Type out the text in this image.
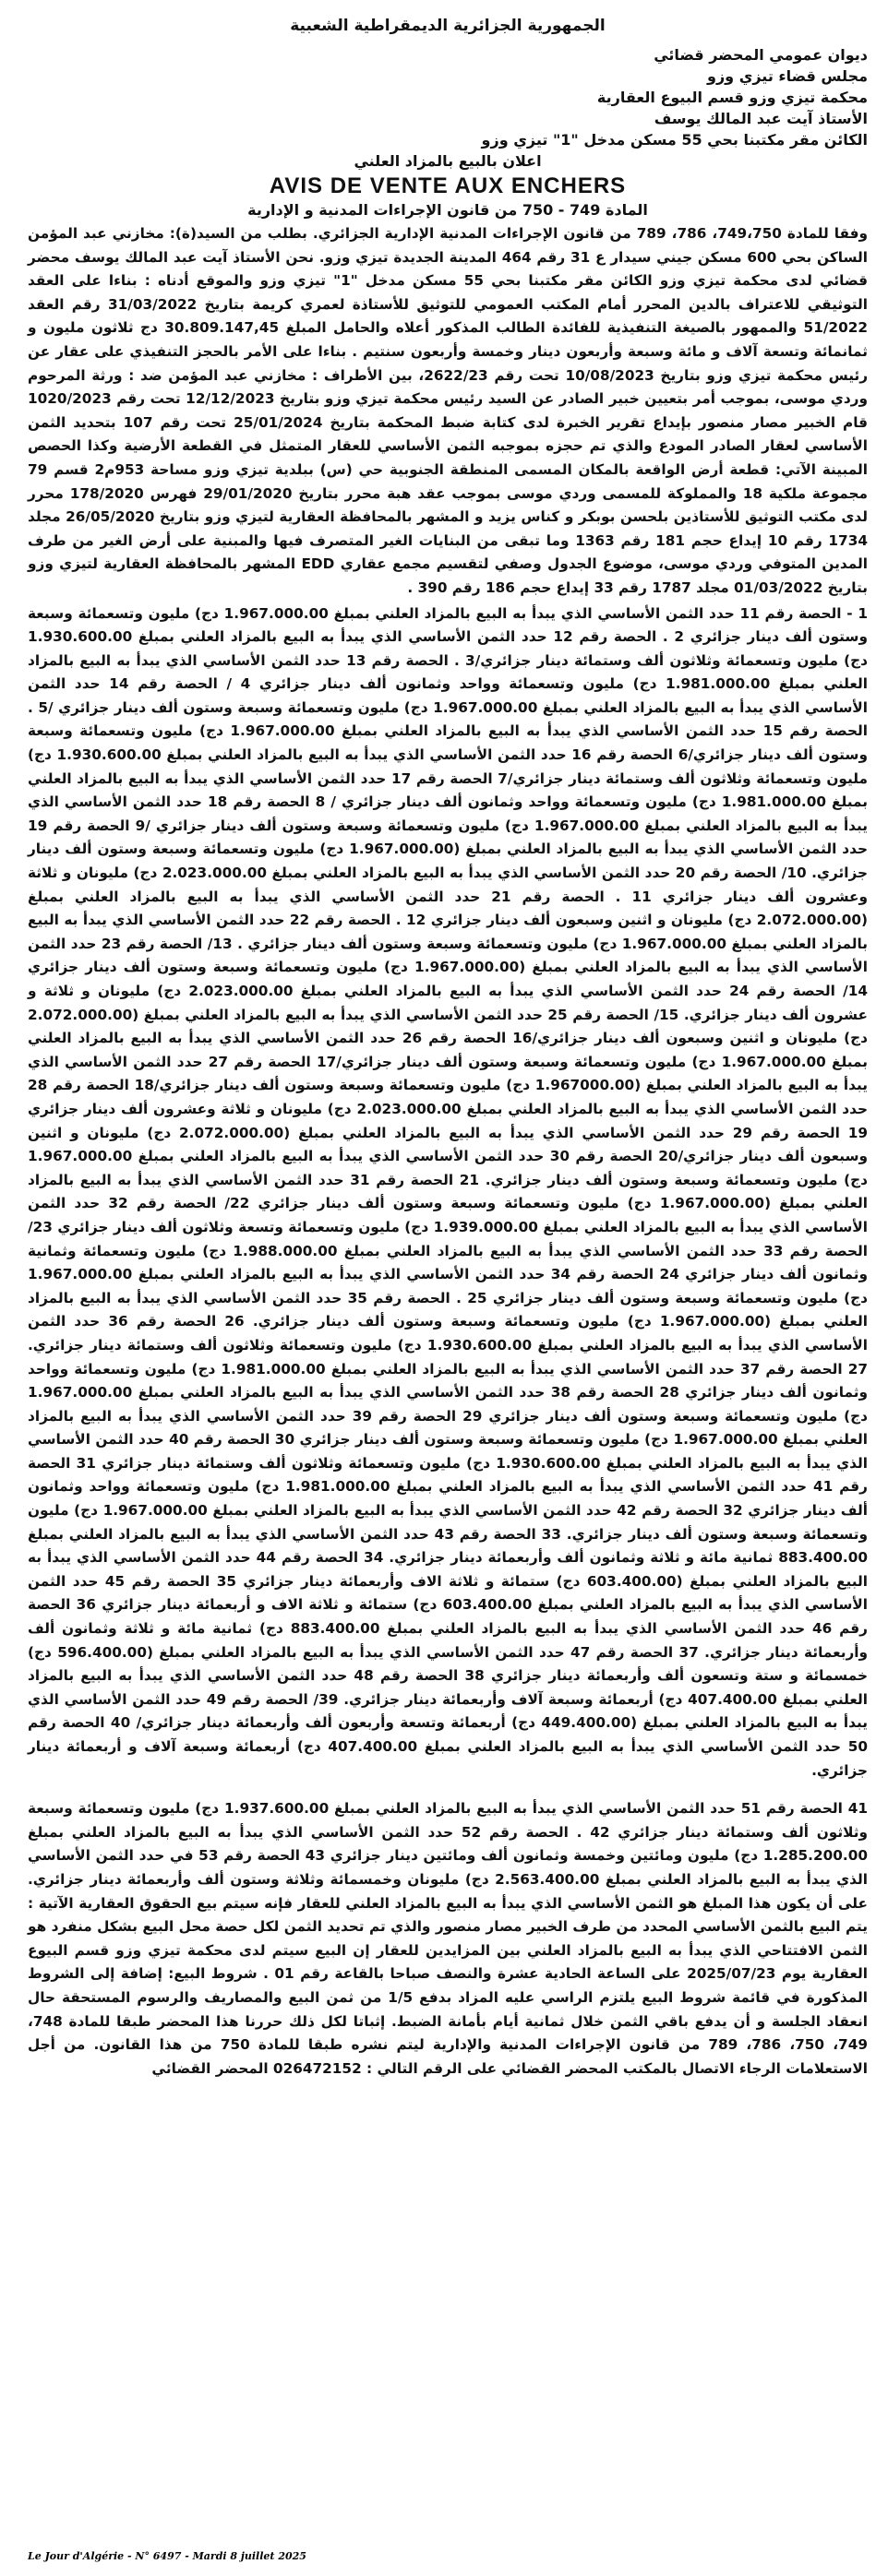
الجمهورية الجزائرية الديمقراطية الشعبية
ديوان عمومي المحضر قضائي
مجلس قضاء تيزي وزو
محكمة تيزي وزو قسم البيوع العقارية
الأستاذ آيت عبد المالك يوسف
الكائن مقر مكتبنا بحي 55 مسكن مدخل "1" تيزي وزو
اعلان بالبيع بالمزاد العلني
AVIS DE VENTE AUX ENCHERS
المادة 749 - 750 من قانون الإجراءات المدنية و الإدارية
وفقا للمادة 749،750، 786، 789 من قانون الإجراءات المدنية الإدارية الجزائري. بطلب من السيد(ة): مخازني عبد المؤمن الساكن بحي 600 مسكن جيني سيدار ع 31 رقم 464 المدينة الجديدة تيزي وزو. نحن الأستاذ آيت عبد المالك يوسف محضر قضائي لدى محكمة تيزي وزو الكائن مقر مكتبنا بحي 55 مسكن مدخل "1" تيزي وزو والموقع أدناه : بناءا على العقد التوثيقي للاعتراف بالدين المحرر أمام المكتب العمومي للتوثيق للأستاذة لعمري كريمة بتاريخ 31/03/2022 رقم العقد 51/2022 والممهور بالصيغة التنفيذية للفائدة الطالب المذكور أعلاه والحامل المبلغ 30.809.147,45 دج ثلاثون مليون و ثمانمائة وتسعة آلاف و مائة وسبعة وأربعون دينار وخمسة وأربعون سنتيم . بناءا على الأمر بالحجز التنفيذي على عقار عن رئيس محكمة تيزي وزو بتاريخ 10/08/2023 تحت رقم 2622/23، بين الأطراف : مخازني عبد المؤمن ضد : ورثة المرحوم وردي موسى، بموجب أمر بتعيين خبير الصادر عن السيد رئيس محكمة تيزي وزو بتاريخ 12/12/2023 تحت رقم 1020/2023 قام الخبير مصار منصور بإيداع تقرير الخبرة لدى كتابة ضبط المحكمة بتاريخ 25/01/2024 تحت رقم 107 بتحديد الثمن الأساسي لعقار الصادر المودع والذي تم حجزه بموجبه الثمن الأساسي للعقار المتمثل في القطعة الأرضية وكذا الحصص المبينة الآتي: قطعة أرض الواقعة بالمكان المسمى المنطقة الجنوبية حي (س) ببلدية تيزي وزو مساحة 953م2 قسم 79 مجموعة ملكية 18 والمملوكة للمسمى وردي موسى بموجب عقد هبة محرر بتاريخ 29/01/2020 فهرس 178/2020 محرر لدى مكتب التوثيق للأستاذين بلحسن بوبكر و كناس يزيد و المشهر بالمحافظة العقارية لتيزي وزو بتاريخ 26/05/2020 مجلد 1734 رقم 10 إيداع حجم 181 رقم 1363 وما تبقى من البنايات الغير المتصرف فيها والمبنية على أرض الغير من طرف المدين المتوفي وردي موسى، موضوع الجدول وصفي لتقسيم مجمع عقاري EDD المشهر بالمحافظة العقارية لتيزي وزو بتاريخ 01/03/2022 مجلد 1787 رقم 33 إيداع حجم 186 رقم 390 .
1 - الحصة رقم 11 حدد الثمن الأساسي الذي يبدأ به البيع بالمزاد العلني بمبلغ 1.967.000.00 دج) مليون وتسعمائة وسبعة وستون ألف دينار جزائري 2 . الحصة رقم 12 حدد الثمن الأساسي الذي يبدأ به البيع بالمزاد العلني بمبلغ 1.930.600.00 دج) مليون وتسعمائة وثلاثون ألف وستمائة دينار جزائري/3 . الحصة رقم 13 حدد الثمن الأساسي الذي يبدأ به البيع بالمزاد العلني بمبلغ 1.981.000.00 دج) مليون وتسعمائة وواحد وثمانون ألف دينار جزائري 4 / الحصة رقم 14 حدد الثمن الأساسي الذي يبدأ به البيع بالمزاد العلني بمبلغ 1.967.000.00 دج) مليون وتسعمائة وسبعة وستون ألف دينار جزائري /5 . الحصة رقم 15 حدد الثمن الأساسي الذي يبدأ به البيع بالمزاد العلني بمبلغ 1.967.000.00 دج) مليون وتسعمائة وسبعة وستون ألف دينار جزائري/6 الحصة رقم 16 حدد الثمن الأساسي الذي يبدأ به البيع بالمزاد العلني بمبلغ 1.930.600.00 دج) مليون وتسعمائة وثلاثون ألف وستمائة دينار جزائري/7 الحصة رقم 17 حدد الثمن الأساسي الذي يبدأ به البيع بالمزاد العلني بمبلغ 1.981.000.00 دج) مليون وتسعمائة وواحد وثمانون ألف دينار جزائري / 8 الحصة رقم 18 حدد الثمن الأساسي الذي يبدأ به البيع بالمزاد العلني بمبلغ 1.967.000.00 دج) مليون وتسعمائة وسبعة وستون ألف دينار جزائري /9 الحصة رقم 19 حدد الثمن الأساسي الذي يبدأ به البيع بالمزاد العلني بمبلغ (1.967.000.00 دج) مليون وتسعمائة وسبعة وستون ألف دينار جزائري. 10/ الحصة رقم 20 حدد الثمن الأساسي الذي يبدأ به البيع بالمزاد العلني بمبلغ 2.023.000.00 دج) مليونان و ثلاثة وعشرون ألف دينار جزائري 11 . الحصة رقم 21 حدد الثمن الأساسي الذي يبدأ به البيع بالمزاد العلني بمبلغ (2.072.000.00 دج) مليونان و اثنين وسبعون ألف دينار جزائري 12 . الحصة رقم 22 حدد الثمن الأساسي الذي يبدأ به البيع بالمزاد العلني بمبلغ 1.967.000.00 دج) مليون وتسعمائة وسبعة وستون ألف دينار جزائري . 13/ الحصة رقم 23 حدد الثمن الأساسي الذي يبدأ به البيع بالمزاد العلني بمبلغ (1.967.000.00 دج) مليون وتسعمائة وسبعة وستون ألف دينار جزائري 14/ الحصة رقم 24 حدد الثمن الأساسي الذي يبدأ به البيع بالمزاد العلني بمبلغ 2.023.000.00 دج) مليونان و ثلاثة و عشرون ألف دينار جزائري. 15/ الحصة رقم 25 حدد الثمن الأساسي الذي يبدأ به البيع بالمزاد العلني بمبلغ (2.072.000.00 دج) مليونان و اثنين وسبعون ألف دينار جزائري/16 الحصة رقم 26 حدد الثمن الأساسي الذي يبدأ به البيع بالمزاد العلني بمبلغ 1.967.000.00 دج) مليون وتسعمائة وسبعة وستون ألف دينار جزائري/17 الحصة رقم 27 حدد الثمن الأساسي الذي يبدأ به البيع بالمزاد العلني بمبلغ (1.967000.00 دج) مليون وتسعمائة وسبعة وستون ألف دينار جزائري/18 الحصة رقم 28 حدد الثمن الأساسي الذي يبدأ به البيع بالمزاد العلني بمبلغ 2.023.000.00 دج) مليونان و ثلاثة وعشرون ألف دينار جزائري 19 الحصة رقم 29 حدد الثمن الأساسي الذي يبدأ به البيع بالمزاد العلني بمبلغ (2.072.000.00 دج) مليونان و اثنين وسبعون ألف دينار جزائري/20 الحصة رقم 30 حدد الثمن الأساسي الذي يبدأ به البيع بالمزاد العلني بمبلغ 1.967.000.00 دج) مليون وتسعمائة وسبعة وستون ألف دينار جزائري. 21 الحصة رقم 31 حدد الثمن الأساسي الذي يبدأ به البيع بالمزاد العلني بمبلغ (1.967.000.00 دج) مليون وتسعمائة وسبعة وستون ألف دينار جزائري 22/ الحصة رقم 32 حدد الثمن الأساسي الذي يبدأ به البيع بالمزاد العلني بمبلغ 1.939.000.00 دج) مليون وتسعمائة وتسعة وثلاثون ألف دينار جزائري 23/ الحصة رقم 33 حدد الثمن الأساسي الذي يبدأ به البيع بالمزاد العلني بمبلغ 1.988.000.00 دج) مليون وتسعمائة وثمانية وثمانون ألف دينار جزائري 24 الحصة رقم 34 حدد الثمن الأساسي الذي يبدأ به البيع بالمزاد العلني بمبلغ 1.967.000.00 دج) مليون وتسعمائة وسبعة وستون ألف دينار جزائري 25 . الحصة رقم 35 حدد الثمن الأساسي الذي يبدأ به البيع بالمزاد العلني بمبلغ (1.967.000.00 دج) مليون وتسعمائة وسبعة وستون ألف دينار جزائري. 26 الحصة رقم 36 حدد الثمن الأساسي الذي يبدأ به البيع بالمزاد العلني بمبلغ 1.930.600.00 دج) مليون وتسعمائة وثلاثون ألف وستمائة دينار جزائري. 27 الحصة رقم 37 حدد الثمن الأساسي الذي يبدأ به البيع بالمزاد العلني بمبلغ 1.981.000.00 دج) مليون وتسعمائة وواحد وثمانون ألف دينار جزائري 28 الحصة رقم 38 حدد الثمن الأساسي الذي يبدأ به البيع بالمزاد العلني بمبلغ 1.967.000.00 دج) مليون وتسعمائة وسبعة وستون ألف دينار جزائري 29 الحصة رقم 39 حدد الثمن الأساسي الذي يبدأ به البيع بالمزاد العلني بمبلغ 1.967.000.00 دج) مليون وتسعمائة وسبعة وستون ألف دينار جزائري 30 الحصة رقم 40 حدد الثمن الأساسي الذي يبدأ به البيع بالمزاد العلني بمبلغ 1.930.600.00 دج) مليون وتسعمائة وثلاثون ألف وستمائة دينار جزائري 31 الحصة رقم 41 حدد الثمن الأساسي الذي يبدأ به البيع بالمزاد العلني بمبلغ 1.981.000.00 دج) مليون وتسعمائة وواحد وثمانون ألف دينار جزائري 32 الحصة رقم 42 حدد الثمن الأساسي الذي يبدأ به البيع بالمزاد العلني بمبلغ 1.967.000.00 دج) مليون وتسعمائة وسبعة وستون ألف دينار جزائري. 33 الحصة رقم 43 حدد الثمن الأساسي الذي يبدأ به البيع بالمزاد العلني بمبلغ 883.400.00 ثمانية مائة و ثلاثة وثمانون ألف وأربعمائة دينار جزائري. 34 الحصة رقم 44 حدد الثمن الأساسي الذي يبدأ به البيع بالمزاد العلني بمبلغ (603.400.00 دج) ستمائة و ثلاثة الاف وأربعمائة دينار جزائري 35 الحصة رقم 45 حدد الثمن الأساسي الذي يبدأ به البيع بالمزاد العلني بمبلغ 603.400.00 دج) ستمائة و ثلاثة الاف و أربعمائة دينار جزائري 36 الحصة رقم 46 حدد الثمن الأساسي الذي يبدأ به البيع بالمزاد العلني بمبلغ 883.400.00 دج) ثمانية مائة و ثلاثة وثمانون ألف وأربعمائة دينار جزائري. 37 الحصة رقم 47 حدد الثمن الأساسي الذي يبدأ به البيع بالمزاد العلني بمبلغ (596.400.00 دج) خمسمائة و ستة وتسعون ألف وأربعمائة دينار جزائري 38 الحصة رقم 48 حدد الثمن الأساسي الذي يبدأ به البيع بالمزاد العلني بمبلغ 407.400.00 دج) أربعمائة وسبعة آلاف وأربعمائة دينار جزائري. 39/ الحصة رقم 49 حدد الثمن الأساسي الذي يبدأ به البيع بالمزاد العلني بمبلغ (449.400.00 دج) أربعمائة وتسعة وأربعون ألف وأربعمائة دينار جزائري/ 40 الحصة رقم 50 حدد الثمن الأساسي الذي يبدأ به البيع بالمزاد العلني بمبلغ 407.400.00 دج) أربعمائة وسبعة آلاف و أربعمائة دينار جزائري.
41 الحصة رقم 51 حدد الثمن الأساسي الذي يبدأ به البيع بالمزاد العلني بمبلغ 1.937.600.00 دج) مليون وتسعمائة وسبعة وثلاثون ألف وستمائة دينار جزائري 42 . الحصة رقم 52 حدد الثمن الأساسي الذي يبدأ به البيع بالمزاد العلني بمبلغ 1.285.200.00 دج) مليون ومائتين وخمسة وثمانون ألف ومائتين دينار جزائري 43 الحصة رقم 53 في حدد الثمن الأساسي الذي يبدأ به البيع بالمزاد العلني بمبلغ 2.563.400.00 دج) مليونان وخمسمائة وثلاثة وستون ألف وأربعمائة دينار جزائري. على أن يكون هذا المبلغ هو الثمن الأساسي الذي يبدأ به البيع بالمزاد العلني للعقار فإنه سيتم بيع الحقوق العقارية الآتية : يتم البيع بالثمن الأساسي المحدد من طرف الخبير مصار منصور والذي تم تحديد الثمن لكل حصة محل البيع بشكل منفرد هو الثمن الافتتاحي الذي يبدأ به البيع بالمزاد العلني بين المزايدين للعقار إن البيع سيتم لدى محكمة تيزي وزو قسم البيوع العقارية يوم 2025/07/23 على الساعة الحادية عشرة والنصف صباحا بالقاعة رقم 01 . شروط البيع: إضافة إلى الشروط المذكورة في قائمة شروط البيع يلتزم الراسي عليه المزاد بدفع 1/5 من ثمن البيع والمصاريف والرسوم المستحقة حال انعقاد الجلسة و أن يدفع باقي الثمن خلال ثمانية أيام بأمانة الضبط. إثباتا لكل ذلك حررنا هذا المحضر طبقا للمادة 748، 749، 750، 786، 789 من قانون الإجراءات المدنية والإدارية ليتم نشره طبقا للمادة 750 من هذا القانون. من أجل الاستعلامات الرجاء الاتصال بالمكتب المحضر القضائي على الرقم التالي : 026472152 المحضر القضائي
Le Jour d'Algérie - N° 6497 - Mardi 8 juillet 2025
